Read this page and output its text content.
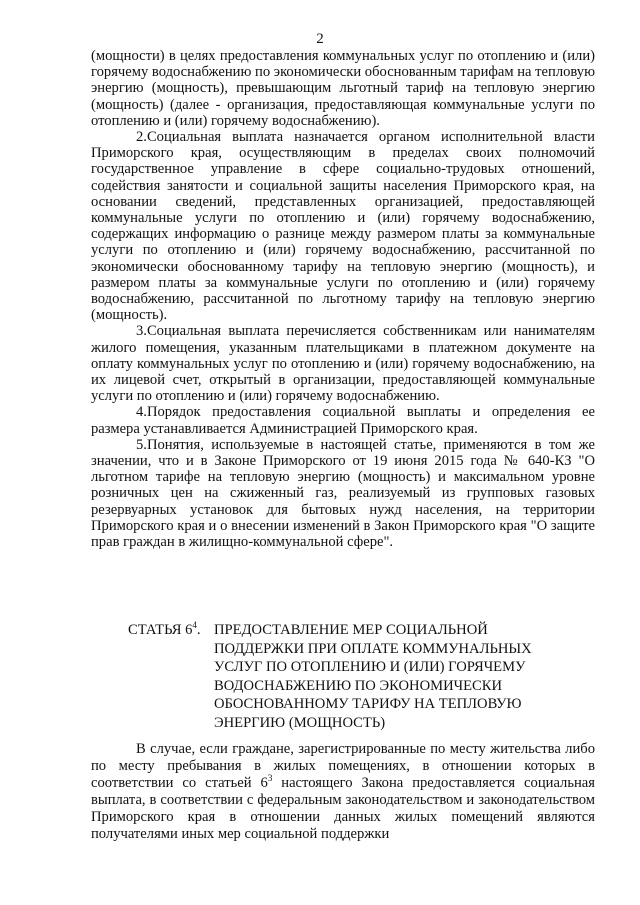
2

(мощности) в целях предоставления коммунальных услуг по отоплению и (или) горячему водоснабжению по экономически обоснованным тарифам на тепловую энергию (мощность), превышающим льготный тариф на тепловую энергию (мощность) (далее - организация, предоставляющая коммунальные услуги по отоплению и (или) горячему водоснабжению).

2.Социальная выплата назначается органом исполнительной власти Приморского края, осуществляющим в пределах своих полномочий государственное управление в сфере социально-трудовых отношений, содействия занятости и социальной защиты населения Приморского края, на основании сведений, представленных организацией, предоставляющей коммунальные услуги по отоплению и (или) горячему водоснабжению, содержащих информацию о разнице между размером платы за коммунальные услуги по отоплению и (или) горячему водоснабжению, рассчитанной по экономически обоснованному тарифу на тепловую энергию (мощность), и размером платы за коммунальные услуги по отоплению и (или) горячему водоснабжению, рассчитанной по льготному тарифу на тепловую энергию (мощность).

3.Социальная выплата перечисляется собственникам или нанимателям жилого помещения, указанным плательщиками в платежном документе на оплату коммунальных услуг по отоплению и (или) горячему водоснабжению, на их лицевой счет, открытый в организации, предоставляющей коммунальные услуги по отоплению и (или) горячему водоснабжению.

4.Порядок предоставления социальной выплаты и определения ее размера устанавливается Администрацией Приморского края.

5.Понятия, используемые в настоящей статье, применяются в том же значении, что и в Законе Приморского от 19 июня 2015 года № 640-КЗ "О льготном тарифе на тепловую энергию (мощность) и максимальном уровне розничных цен на сжиженный газ, реализуемый из групповых газовых резервуарных установок для бытовых нужд населения, на территории Приморского края и о внесении изменений в Закон Приморского края "О защите прав граждан в жилищно-коммунальной сфере".

СТАТЬЯ $6^4$. ПРЕДОСТАВЛЕНИЕ МЕР СОЦИАЛЬНОЙ
ПОДДЕРЖКИ ПРИ ОПЛАТЕ КОММУНАЛЬНЫХ
УСЛУГ ПО ОТОПЛЕНИЮ И (ИЛИ) ГОРЯЧЕМУ
ВОДОСНАБЖЕНИЮ ПО ЭКОНОМИЧЕСКИ
ОБОСНОВАННОМУ ТАРИФУ НА ТЕПЛОВУЮ
ЭНЕРГИЮ (МОЩНОСТЬ)

В случае, если граждане, зарегистрированные по месту жительства либо по месту пребывания в жилых помещениях, в отношении которых в соответствии со статьей $6^3$ настоящего Закона предоставляется социальная выплата, в соответствии с федеральным законодательством и законодательством Приморского края в отношении данных жилых помещений являются получателями иных мер социальной поддержки
